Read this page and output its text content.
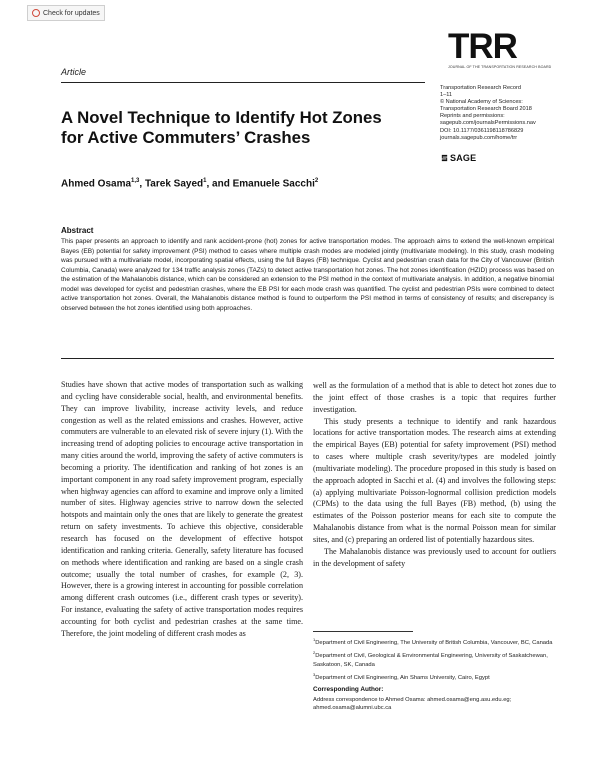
Check for updates
Article
TRR
JOURNAL OF THE TRANSPORTATION RESEARCH BOARD
Transportation Research Record
1–11
© National Academy of Sciences:
Transportation Research Board 2018
Reprints and permissions:
sagepub.com/journalsPermissions.nav
DOI: 10.1177/0361198118786829
journals.sagepub.com/home/trr
SAGE
A Novel Technique to Identify Hot Zones for Active Commuters’ Crashes
Ahmed Osama$^{1,3}$, Tarek Sayed$^1$, and Emanuele Sacchi$^2$
Abstract
This paper presents an approach to identify and rank accident-prone (hot) zones for active transportation modes. The approach aims to extend the well-known empirical Bayes (EB) potential for safety improvement (PSI) method to cases where multiple crash modes are modeled jointly (multivariate modeling). In this study, crash modeling was pursued with a multivariate model, incorporating spatial effects, using the full Bayes (FB) technique. Cyclist and pedestrian crash data for the City of Vancouver (British Columbia, Canada) were analyzed for 134 traffic analysis zones (TAZs) to detect active transportation hot zones. The hot zones identification (HZID) process was based on the estimation of the Mahalanobis distance, which can be considered an extension to the PSI method in the context of multivariate analysis. In addition, a negative binomial model was developed for cyclist and pedestrian crashes, where the EB PSI for each mode crash was quantified. The cyclist and pedestrian PSIs were combined to detect active transportation hot zones. Overall, the Mahalanobis distance method is found to outperform the PSI method in terms of consistency of results; and discrepancy is observed between the hot zones identified using both approaches.

Studies have shown that active modes of transportation such as walking and cycling have considerable social, health, and environmental benefits. They can improve livability, increase activity levels, and reduce congestion as well as the related emissions and crashes. However, active commuters are vulnerable to an elevated risk of severe injury (1). With the increasing trend of adopting policies to encourage active transportation in many cities around the world, improving the safety of active commuters is becoming a priority. The identification and ranking of hot zones is an important component in any road safety improvement program, especially when highway agencies can afford to examine and improve only a limited number of sites. Highway agencies strive to narrow down the selected hotspots and maintain only the ones that are likely to generate the greatest return on safety investments. To achieve this objective, considerable research has focused on the development of effective hotspot identification and ranking criteria. Generally, safety literature has focused on methods where identification and ranking are based on a single crash outcome; usually the total number of crashes, for example (2, 3). However, there is a growing interest in accounting for possible correlation among different crash outcomes (i.e., different crash types or severity). For instance, evaluating the safety of active transportation modes requires accounting for both cyclist and pedestrian crashes at the same time. Therefore, the joint modeling of different crash modes as

well as the formulation of a method that is able to detect hot zones due to the joint effect of those crashes is a topic that requires further investigation.

This study presents a technique to identify and rank hazardous locations for active transportation modes. The research aims at extending the empirical Bayes (EB) potential for safety improvement (PSI) method to cases where multiple crash severity/types are modeled jointly (multivariate modeling). The procedure proposed in this study is based on the approach adopted in Sacchi et al. (4) and involves the following steps: (a) applying multivariate Poisson-lognormal collision prediction models (CPMs) to the data using the full Bayes (FB) method, (b) using the estimates of the Poisson posterior means for each site to compute the Mahalanobis distance from what is the normal Poisson mean for similar sites, and (c) preparing an ordered list of potentially hazardous sites.

The Mahalanobis distance was previously used to account for outliers in the development of safety

$^1$Department of Civil Engineering, The University of British Columbia, Vancouver, BC, Canada
$^2$Department of Civil, Geological & Environmental Engineering, University of Saskatchewan, Saskatoon, SK, Canada
$^3$Department of Civil Engineering, Ain Shams University, Cairo, Egypt
Corresponding Author:
Address correspondence to Ahmed Osama: ahmed.osama@eng.asu.edu.eg; ahmed.osama@alumni.ubc.ca
